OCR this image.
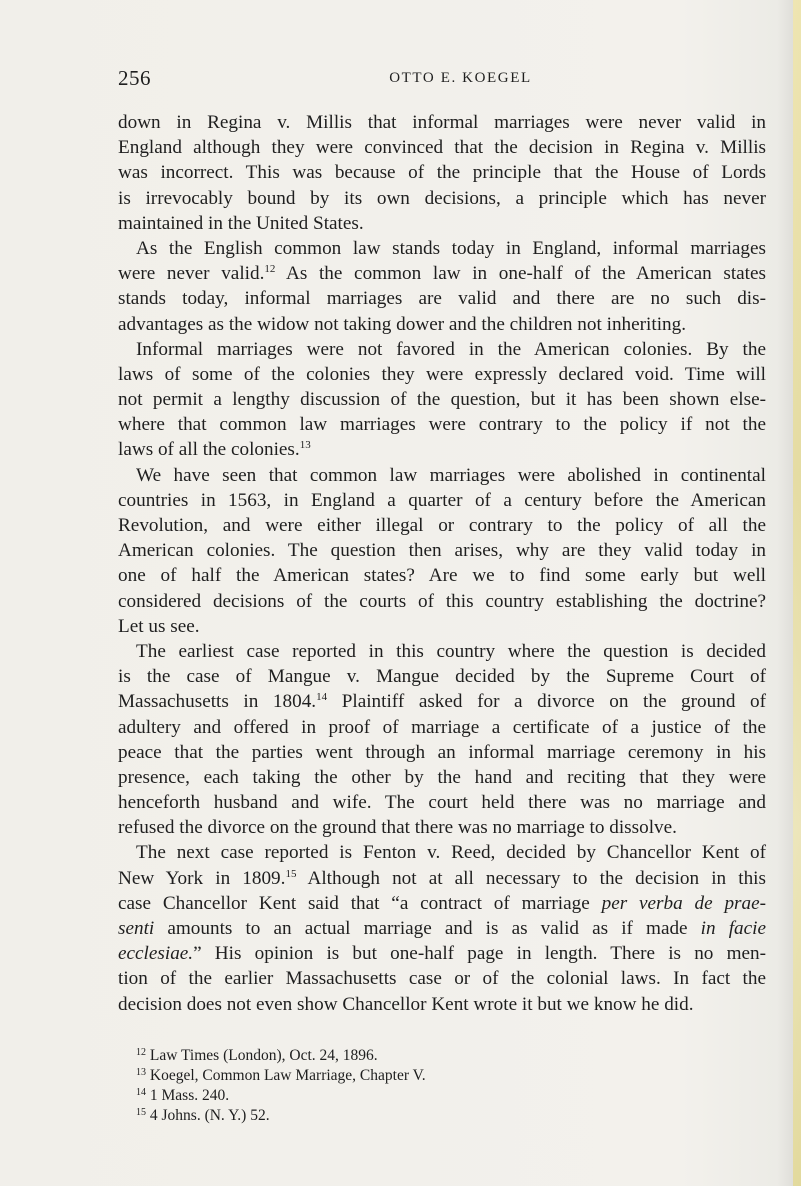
256	OTTO E. KOEGEL
down in Regina v. Millis that informal marriages were never valid in
England although they were convinced that the decision in Regina v. Millis
was incorrect. This was because of the principle that the House of Lords
is irrevocably bound by its own decisions, a principle which has never
maintained in the United States.
As the English common law stands today in England, informal marriages
were never valid.$^{12}$ As the common law in one-half of the American states
stands today, informal marriages are valid and there are no such dis-
advantages as the widow not taking dower and the children not inheriting.
Informal marriages were not favored in the American colonies. By the
laws of some of the colonies they were expressly declared void. Time will
not permit a lengthy discussion of the question, but it has been shown else-
where that common law marriages were contrary to the policy if not the
laws of all the colonies.$^{13}$
We have seen that common law marriages were abolished in continental
countries in 1563, in England a quarter of a century before the American
Revolution, and were either illegal or contrary to the policy of all the
American colonies. The question then arises, why are they valid today in
one of half the American states? Are we to find some early but well
considered decisions of the courts of this country establishing the doctrine?
Let us see.
The earliest case reported in this country where the question is decided
is the case of Mangue v. Mangue decided by the Supreme Court of
Massachusetts in 1804.14 Plaintiff asked for a divorce on the ground of
adultery and offered in proof of marriage a certificate of a justice of the
peace that the parties went through an informal marriage ceremony in his
presence, each taking the other by the hand and reciting that they were
henceforth husband and wife. The court held there was no marriage and
refused the divorce on the ground that there was no marriage to dissolve.
The next case reported is Fenton v. Reed, decided by Chancellor Kent of
New York in 1809.15 Although not at all necessary to the decision in this
case Chancellor Kent said that “a contract of marriage per verba de prae-
senti amounts to an actual marriage and is as valid as if made in facie
ecclesiae.” His opinion is but one-half page in length. There is no men-
tion of the earlier Massachusetts case or of the colonial laws. In fact the
decision does not even show Chancellor Kent wrote it but we know he did.
$^{12}$ Law Times (London), Oct. 24, 1896.
$^{13}$ Koegel, Common Law Marriage, Chapter V.
$^{14}$ 1 Mass. 240.
$^{15}$ 4 Johns. (N. Y.) 52.
